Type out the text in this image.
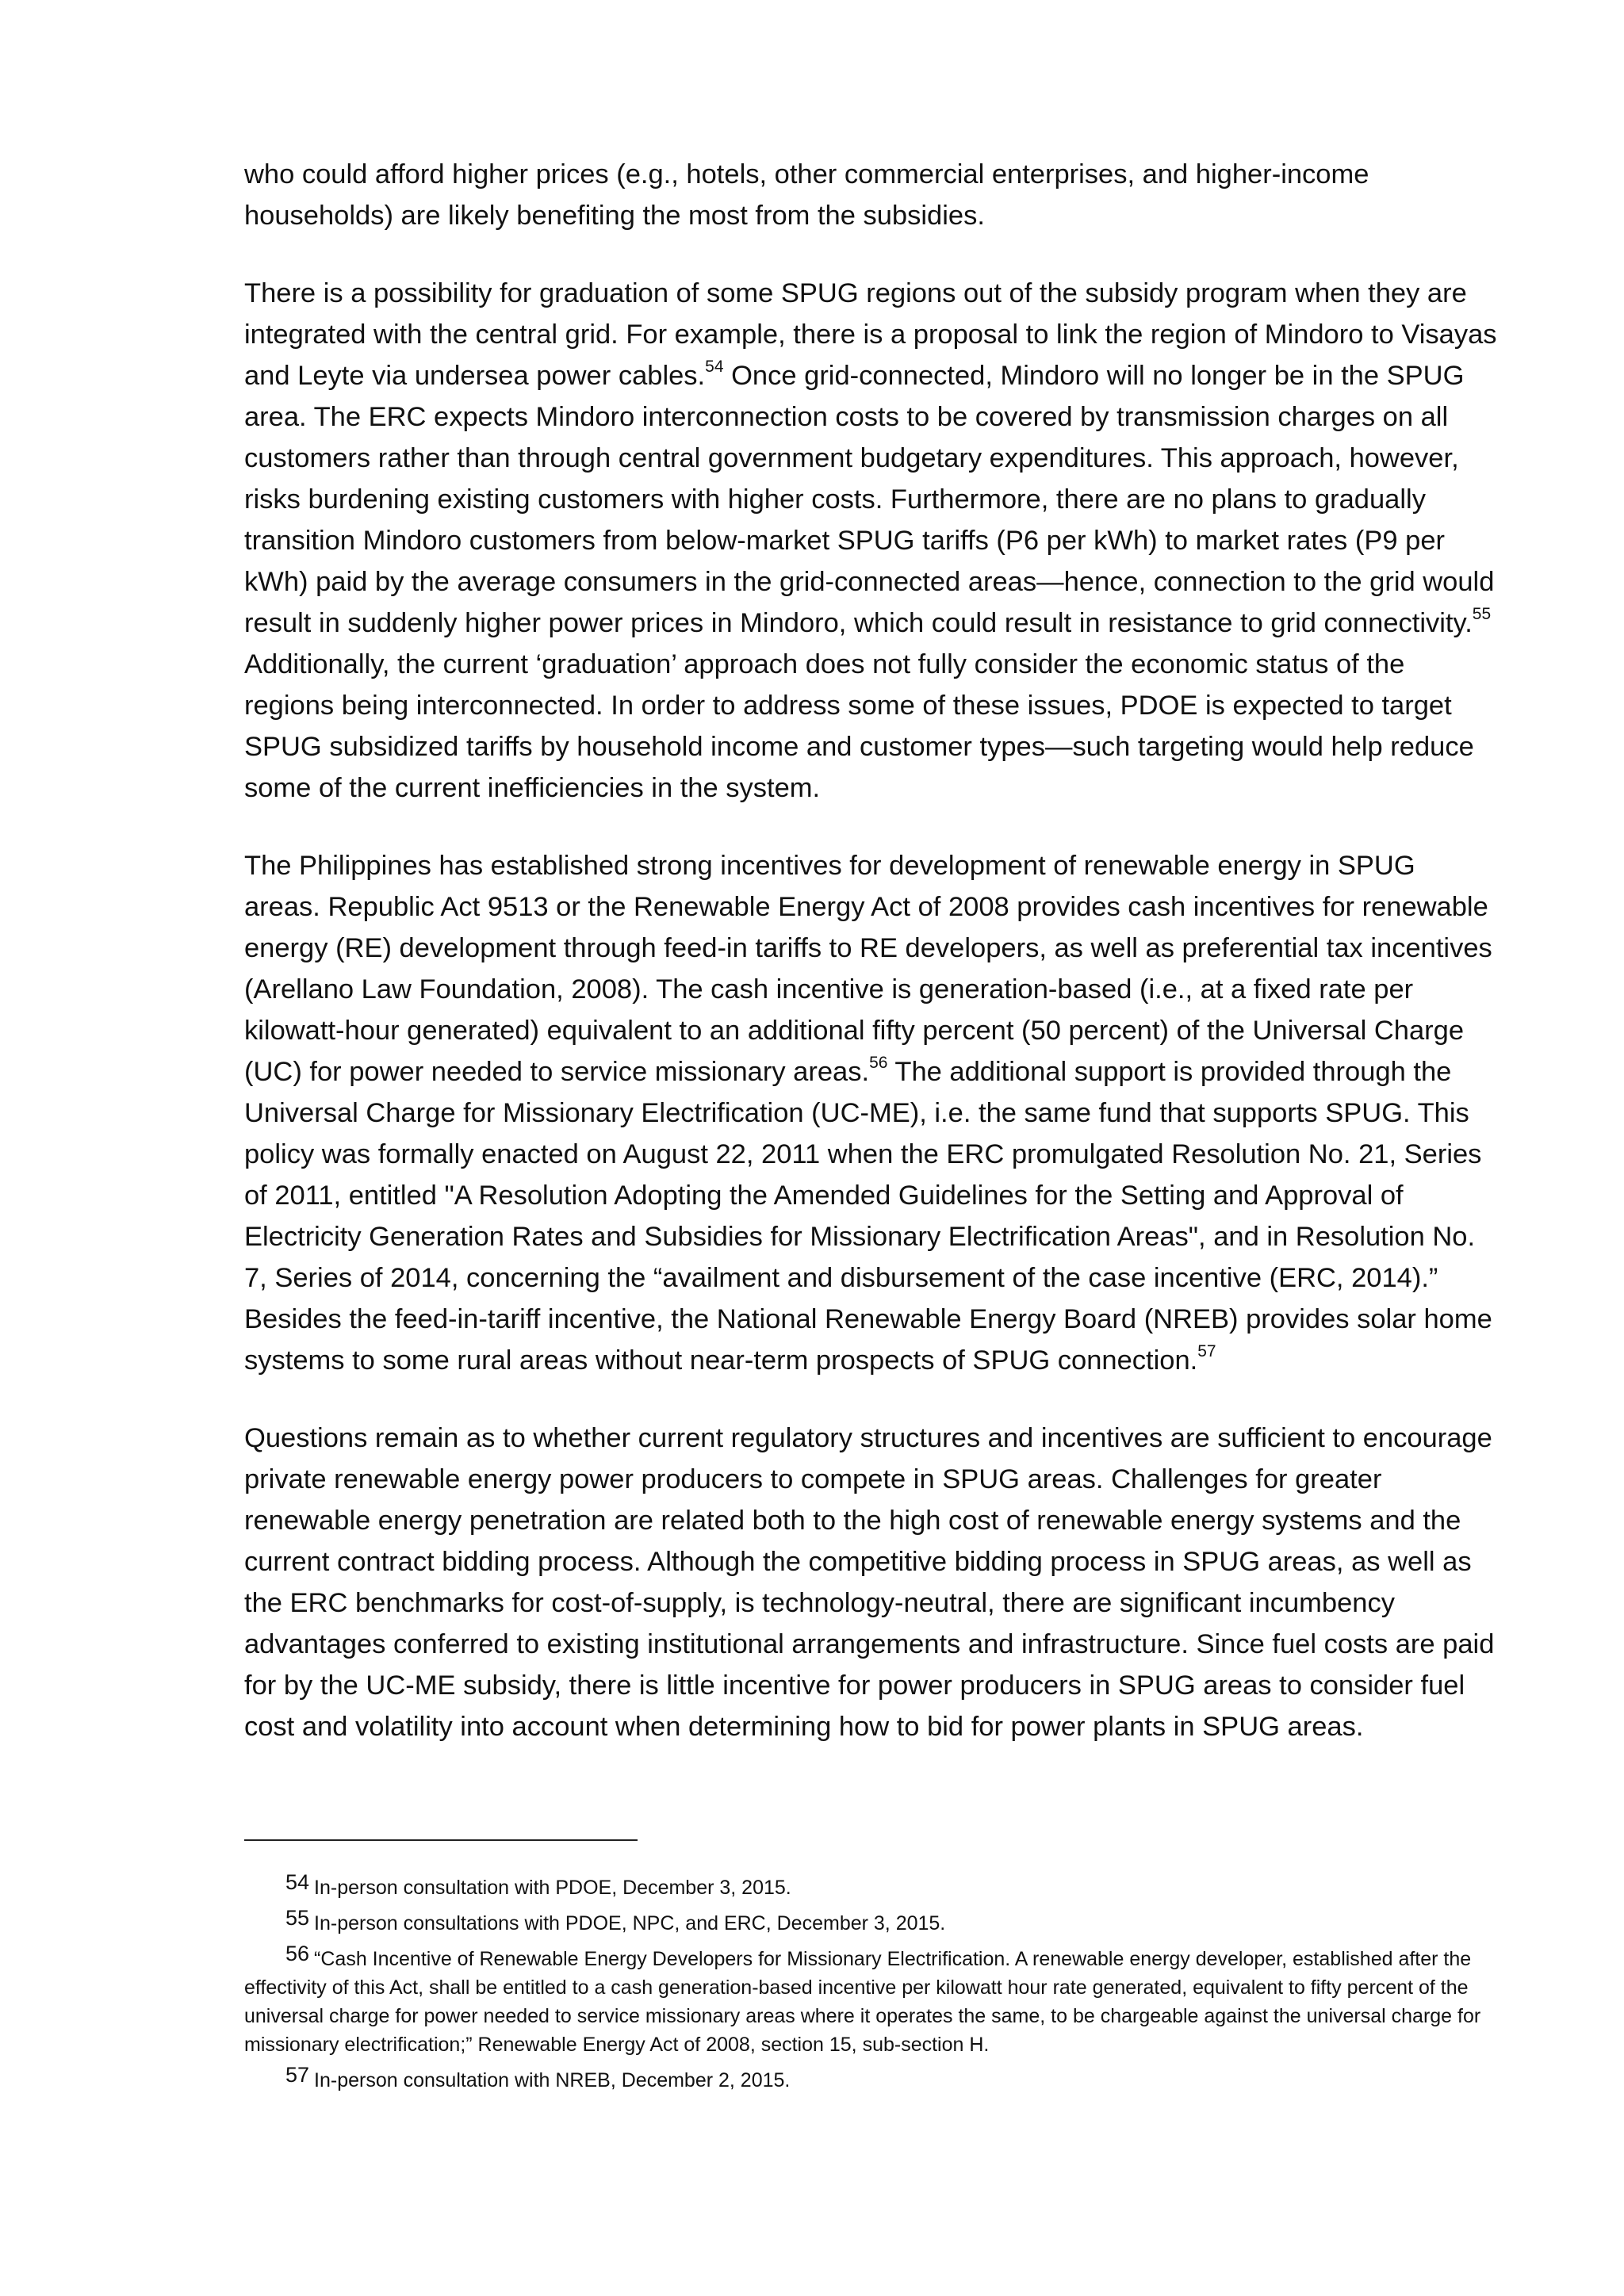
who could afford higher prices (e.g., hotels, other commercial enterprises, and higher-income households) are likely benefiting the most from the subsidies.

There is a possibility for graduation of some SPUG regions out of the subsidy program when they are integrated with the central grid. For example, there is a proposal to link the region of Mindoro to Visayas and Leyte via undersea power cables.$^{54}$ Once grid-connected, Mindoro will no longer be in the SPUG area. The ERC expects Mindoro interconnection costs to be covered by transmission charges on all customers rather than through central government budgetary expenditures. This approach, however, risks burdening existing customers with higher costs. Furthermore, there are no plans to gradually transition Mindoro customers from below-market SPUG tariffs (P6 per kWh) to market rates (P9 per kWh) paid by the average consumers in the grid-connected areas—hence, connection to the grid would result in suddenly higher power prices in Mindoro, which could result in resistance to grid connectivity.$^{55}$ Additionally, the current ‘graduation’ approach does not fully consider the economic status of the regions being interconnected. In order to address some of these issues, PDOE is expected to target SPUG subsidized tariffs by household income and customer types—such targeting would help reduce some of the current inefficiencies in the system.

The Philippines has established strong incentives for development of renewable energy in SPUG areas. Republic Act 9513 or the Renewable Energy Act of 2008 provides cash incentives for renewable energy (RE) development through feed-in tariffs to RE developers, as well as preferential tax incentives (Arellano Law Foundation, 2008). The cash incentive is generation-based (i.e., at a fixed rate per kilowatt-hour generated) equivalent to an additional fifty percent (50 percent) of the Universal Charge (UC) for power needed to service missionary areas.$^{56}$ The additional support is provided through the Universal Charge for Missionary Electrification (UC-ME), i.e. the same fund that supports SPUG. This policy was formally enacted on August 22, 2011 when the ERC promulgated Resolution No. 21, Series of 2011, entitled "A Resolution Adopting the Amended Guidelines for the Setting and Approval of Electricity Generation Rates and Subsidies for Missionary Electrification Areas", and in Resolution No. 7, Series of 2014, concerning the “availment and disbursement of the case incentive (ERC, 2014).” Besides the feed-in-tariff incentive, the National Renewable Energy Board (NREB) provides solar home systems to some rural areas without near-term prospects of SPUG connection.$^{57}$

Questions remain as to whether current regulatory structures and incentives are sufficient to encourage private renewable energy power producers to compete in SPUG areas. Challenges for greater renewable energy penetration are related both to the high cost of renewable energy systems and the current contract bidding process. Although the competitive bidding process in SPUG areas, as well as the ERC benchmarks for cost-of-supply, is technology-neutral, there are significant incumbency advantages conferred to existing institutional arrangements and infrastructure. Since fuel costs are paid for by the UC-ME subsidy, there is little incentive for power producers in SPUG areas to consider fuel cost and volatility into account when determining how to bid for power plants in SPUG areas.

54 In-person consultation with PDOE, December 3, 2015.
55 In-person consultations with PDOE, NPC, and ERC, December 3, 2015.
56 “Cash Incentive of Renewable Energy Developers for Missionary Electrification. A renewable energy developer, established after the effectivity of this Act, shall be entitled to a cash generation-based incentive per kilowatt hour rate generated, equivalent to fifty percent of the universal charge for power needed to service missionary areas where it operates the same, to be chargeable against the universal charge for missionary electrification;” Renewable Energy Act of 2008, section 15, sub-section H.
57 In-person consultation with NREB, December 2, 2015.
